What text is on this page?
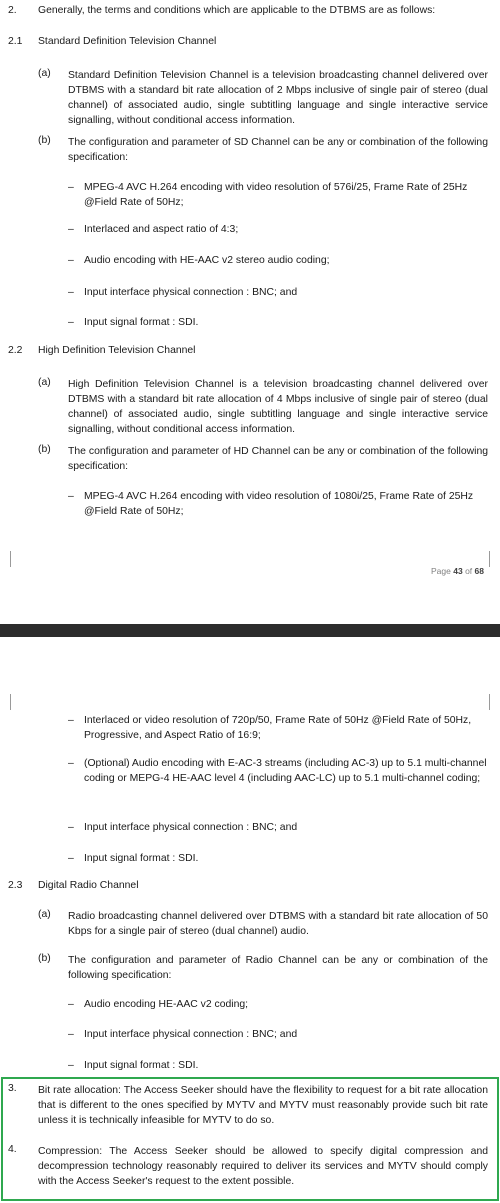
2. Generally, the terms and conditions which are applicable to the DTBMS are as follows:
2.1 Standard Definition Television Channel
(a) Standard Definition Television Channel is a television broadcasting channel delivered over DTBMS with a standard bit rate allocation of 2 Mbps inclusive of single pair of stereo (dual channel) of associated audio, single subtitling language and single interactive service signalling, without conditional access information.
(b) The configuration and parameter of SD Channel can be any or combination of the following specification:
– MPEG-4 AVC H.264 encoding with video resolution of 576i/25, Frame Rate of 25Hz @Field Rate of 50Hz;
– Interlaced and aspect ratio of 4:3;
– Audio encoding with HE-AAC v2 stereo audio coding;
– Input interface physical connection : BNC; and
– Input signal format : SDI.
2.2 High Definition Television Channel
(a) High Definition Television Channel is a television broadcasting channel delivered over DTBMS with a standard bit rate allocation of 4 Mbps inclusive of single pair of stereo (dual channel) of associated audio, single subtitling language and single interactive service signalling, without conditional access information.
(b) The configuration and parameter of HD Channel can be any or combination of the following specification:
– MPEG-4 AVC H.264 encoding with video resolution of 1080i/25, Frame Rate of 25Hz @Field Rate of 50Hz;
Page 43 of 68
– Interlaced or video resolution of 720p/50, Frame Rate of 50Hz @Field Rate of 50Hz, Progressive, and Aspect Ratio of 16:9;
– (Optional) Audio encoding with E-AC-3 streams (including AC-3) up to 5.1 multi-channel coding or MEPG-4 HE-AAC level 4 (including AAC-LC) up to 5.1 multi-channel coding;
– Input interface physical connection : BNC; and
– Input signal format : SDI.
2.3 Digital Radio Channel
(a) Radio broadcasting channel delivered over DTBMS with a standard bit rate allocation of 50 Kbps for a single pair of stereo (dual channel) audio.
(b) The configuration and parameter of Radio Channel can be any or combination of the following specification:
– Audio encoding HE-AAC v2 coding;
– Input interface physical connection : BNC; and
– Input signal format : SDI.
3. Bit rate allocation: The Access Seeker should have the flexibility to request for a bit rate allocation that is different to the ones specified by MYTV and MYTV must reasonably provide such bit rate unless it is technically infeasible for MYTV to do so.
4. Compression: The Access Seeker should be allowed to specify digital compression and decompression technology reasonably required to deliver its services and MYTV should comply with the Access Seeker's request to the extent possible.
